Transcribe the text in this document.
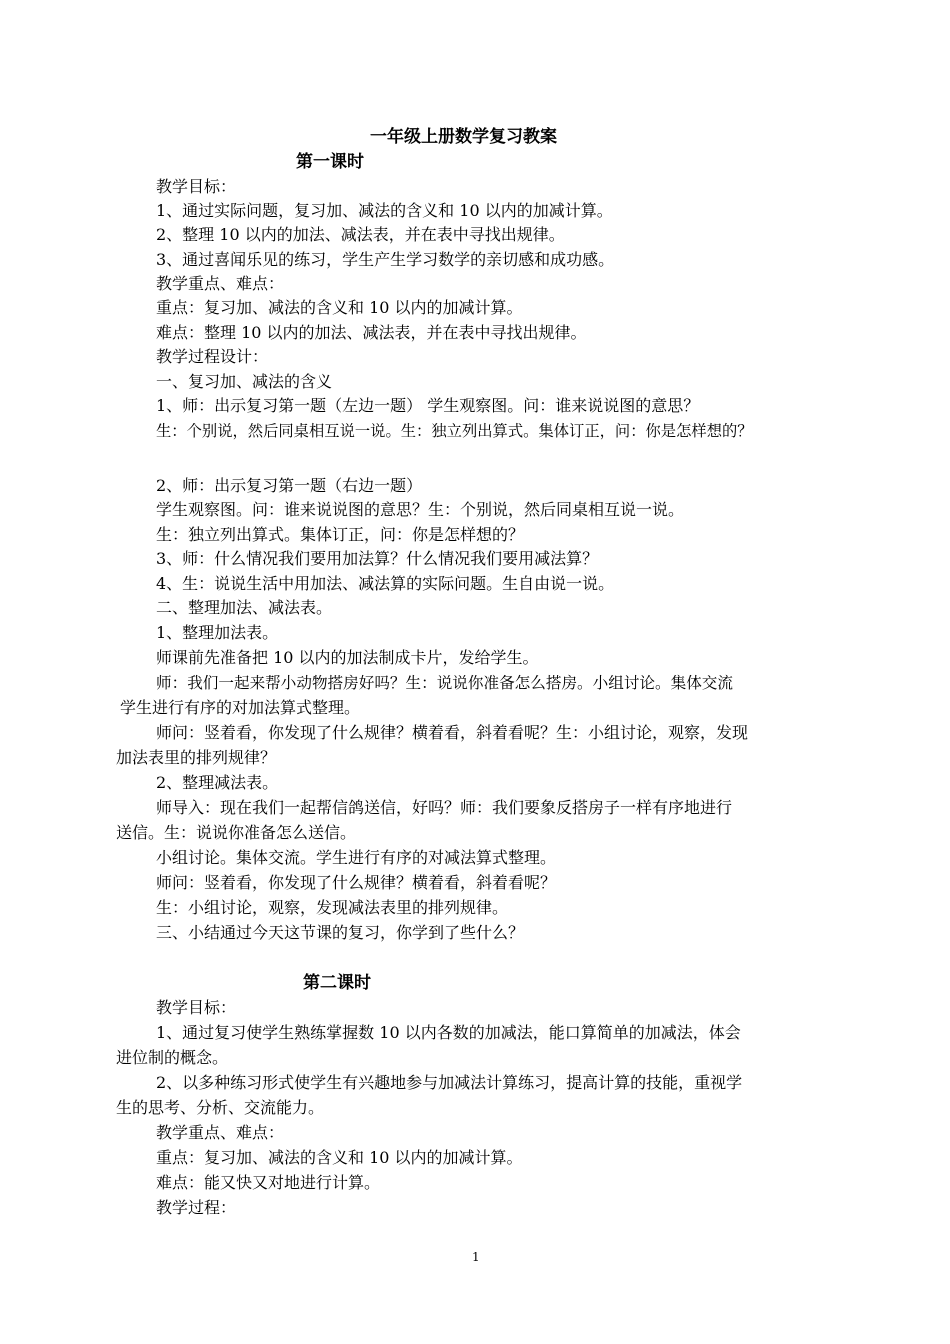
一年级上册数学复习教案
第一课时
教学目标：
1、通过实际问题，复习加、减法的含义和 10 以内的加减计算。
2、整理 10 以内的加法、减法表，并在表中寻找出规律。
3、通过喜闻乐见的练习，学生产生学习数学的亲切感和成功感。
教学重点、难点：
重点：复习加、减法的含义和 10 以内的加减计算。
难点：整理 10 以内的加法、减法表，并在表中寻找出规律。
教学过程设计：
一、复习加、减法的含义
1、师：出示复习第一题（左边一题） 学生观察图。问：谁来说说图的意思？
生：个别说，然后同桌相互说一说。生：独立列出算式。集体订正，问：你是怎样想的？
2、师：出示复习第一题（右边一题）
学生观察图。问：谁来说说图的意思？生：个别说，然后同桌相互说一说。
生：独立列出算式。集体订正，问：你是怎样想的？
3、师：什么情况我们要用加法算？什么情况我们要用减法算？
4、生：说说生活中用加法、减法算的实际问题。生自由说一说。
二、整理加法、减法表。
1、整理加法表。
师课前先准备把 10 以内的加法制成卡片，发给学生。
师：我们一起来帮小动物搭房好吗？生：说说你准备怎么搭房。小组讨论。集体交流
学生进行有序的对加法算式整理。
师问：竖着看，你发现了什么规律？横着看，斜着看呢？生：小组讨论，观察，发现
加法表里的排列规律？
2、整理减法表。
师导入：现在我们一起帮信鸽送信，好吗？师：我们要象反搭房子一样有序地进行
送信。生：说说你准备怎么送信。
小组讨论。集体交流。学生进行有序的对减法算式整理。
师问：竖着看，你发现了什么规律？横着看，斜着看呢？
生：小组讨论，观察，发现减法表里的排列规律。
三、小结通过今天这节课的复习，你学到了些什么？
第二课时
教学目标：
1、通过复习使学生熟练掌握数 10 以内各数的加减法，能口算简单的加减法，体会
进位制的概念。
2、以多种练习形式使学生有兴趣地参与加减法计算练习，提高计算的技能，重视学
生的思考、分析、交流能力。
教学重点、难点：
重点：复习加、减法的含义和 10 以内的加减计算。
难点：能又快又对地进行计算。
教学过程：
1
